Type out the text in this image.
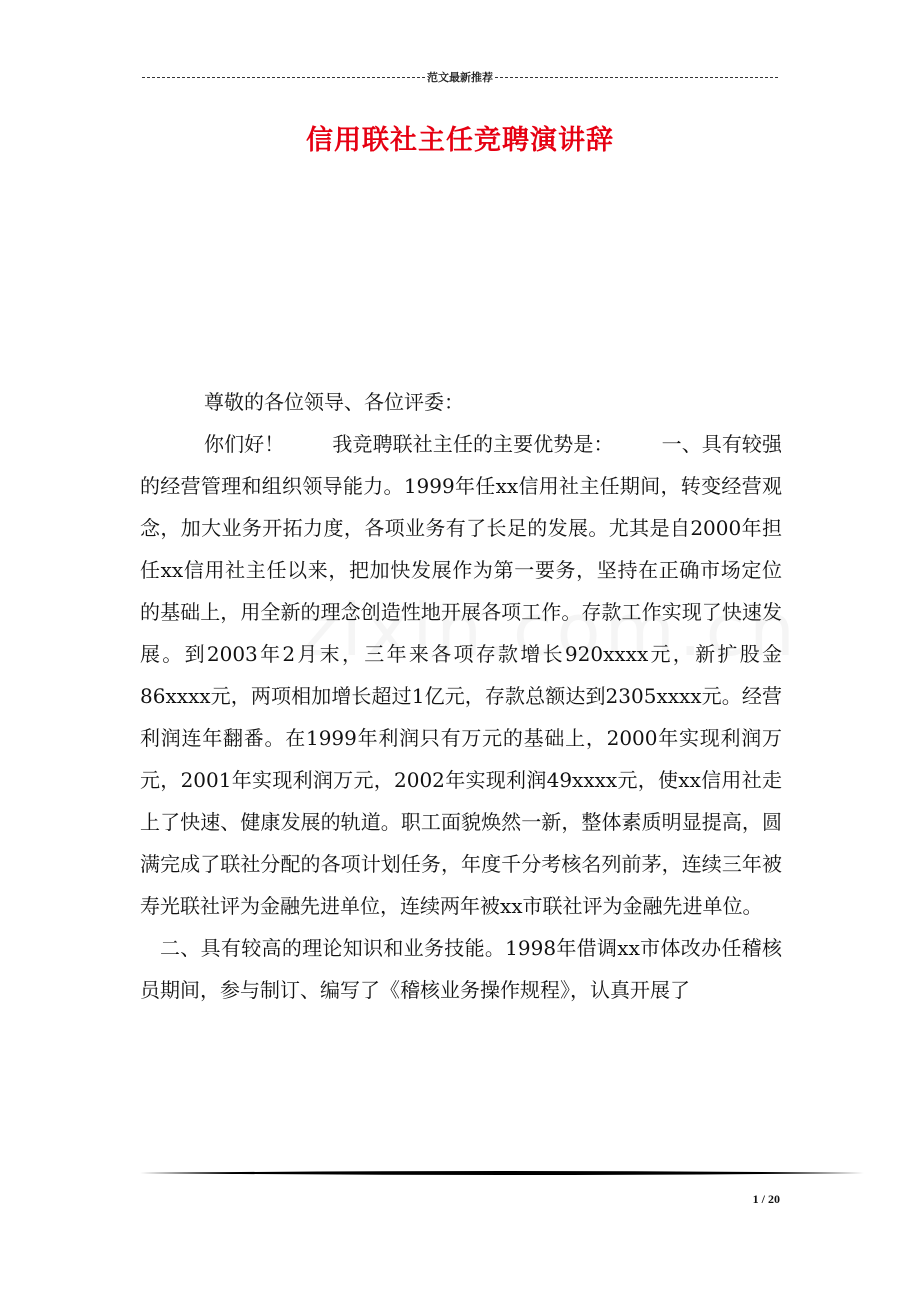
范文最新推荐
信用联社主任竞聘演讲辞

尊敬的各位领导、各位评委：

你们好！ 我竞聘联社主任的主要优势是： 一、具有较强的经营管理和组织领导能力。1999年任xx信用社主任期间，转变经营观念，加大业务开拓力度，各项业务有了长足的发展。尤其是自2000年担任xx信用社主任以来，把加快发展作为第一要务，坚持在正确市场定位的基础上，用全新的理念创造性地开展各项工作。存款工作实现了快速发展。到2003年2月末，三年来各项存款增长920xxxx元，新扩股金86xxxx元，两项相加增长超过1亿元，存款总额达到2305xxxx元。经营利润连年翻番。在1999年利润只有万元的基础上，2000年实现利润万元，2001年实现利润万元，2002年实现利润49xxxx元，使xx信用社走上了快速、健康发展的轨道。职工面貌焕然一新，整体素质明显提高，圆满完成了联社分配的各项计划任务，年度千分考核名列前茅，连续三年被寿光联社评为金融先进单位，连续两年被xx市联社评为金融先进单位。

二、具有较高的理论知识和业务技能。1998年借调xx市体改办任稽核员期间，参与制订、编写了《稽核业务操作规程》，认真开展了

1 / 20
